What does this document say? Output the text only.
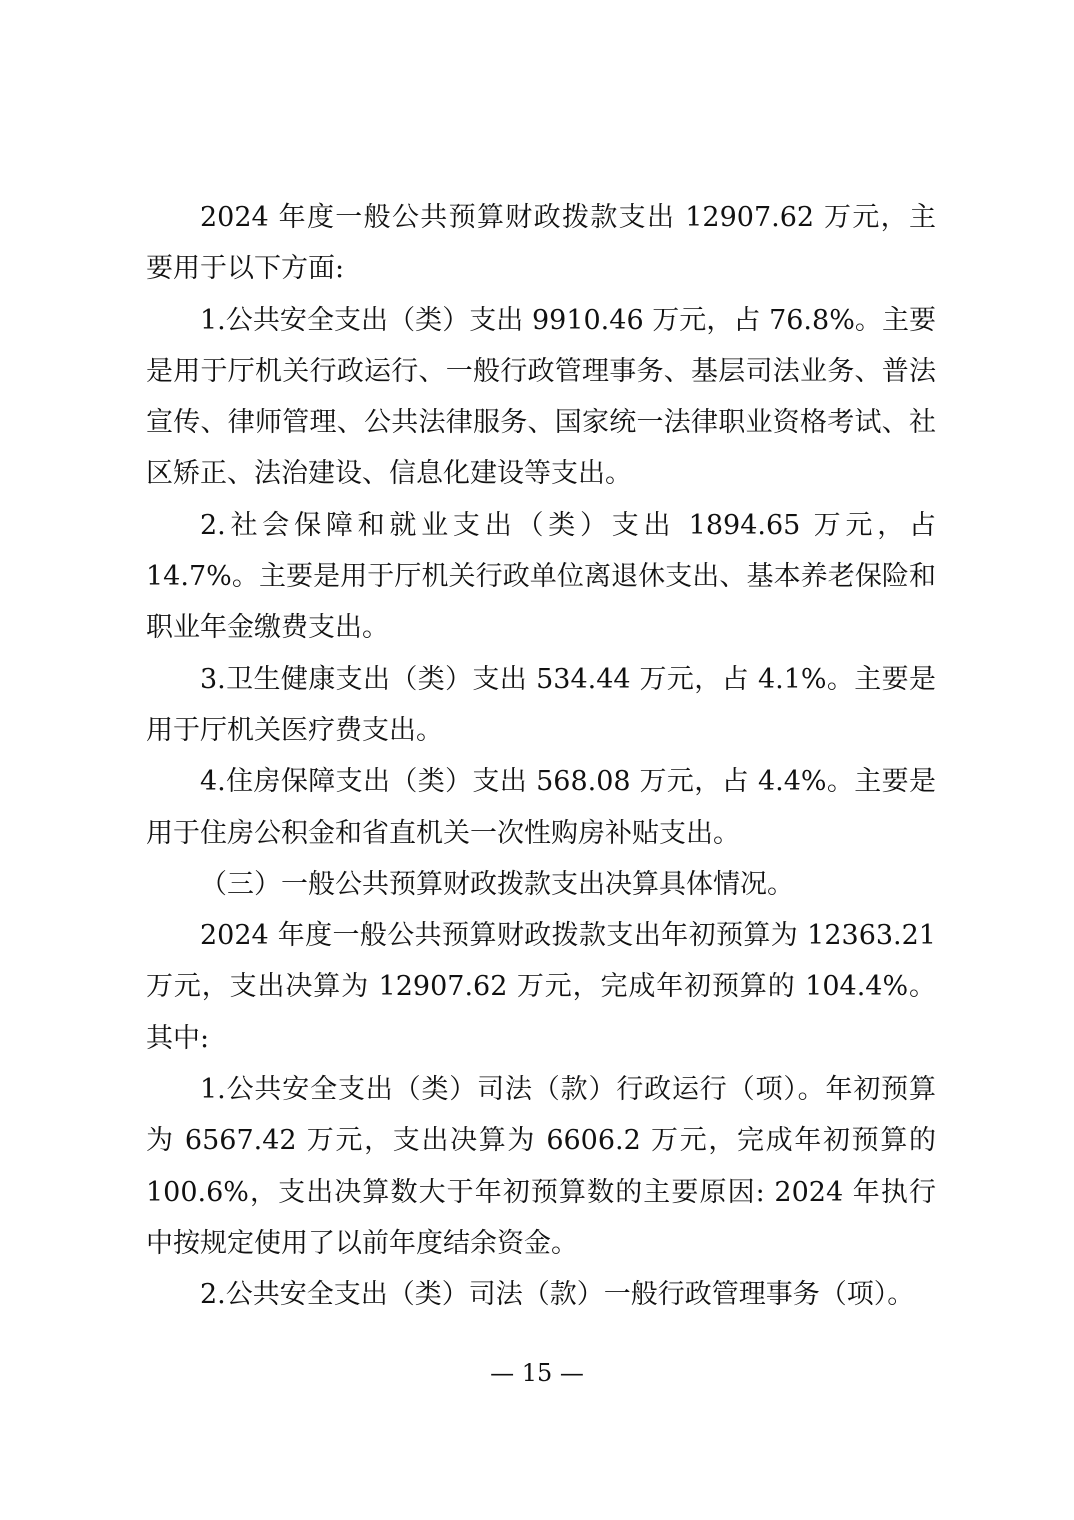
2024 年度一般公共预算财政拨款支出 12907.62 万元，主要用于以下方面:

1.公共安全支出（类）支出 9910.46 万元，占 76.8%。主要是用于厅机关行政运行、一般行政管理事务、基层司法业务、普法宣传、律师管理、公共法律服务、国家统一法律职业资格考试、社区矫正、法治建设、信息化建设等支出。

2.社会保障和就业支出（类）支出 1894.65 万元，占 14.7%。主要是用于厅机关行政单位离退休支出、基本养老保险和职业年金缴费支出。

3.卫生健康支出（类）支出 534.44 万元，占 4.1%。主要是用于厅机关医疗费支出。

4.住房保障支出（类）支出 568.08 万元，占 4.4%。主要是用于住房公积金和省直机关一次性购房补贴支出。

（三）一般公共预算财政拨款支出决算具体情况。

2024 年度一般公共预算财政拨款支出年初预算为 12363.21 万元，支出决算为 12907.62 万元，完成年初预算的 104.4%。其中:

1.公共安全支出（类）司法（款）行政运行（项）。年初预算为 6567.42 万元，支出决算为 6606.2 万元，完成年初预算的 100.6%，支出决算数大于年初预算数的主要原因: 2024 年执行中按规定使用了以前年度结余资金。

2.公共安全支出（类）司法（款）一般行政管理事务（项）。

— 15 —
